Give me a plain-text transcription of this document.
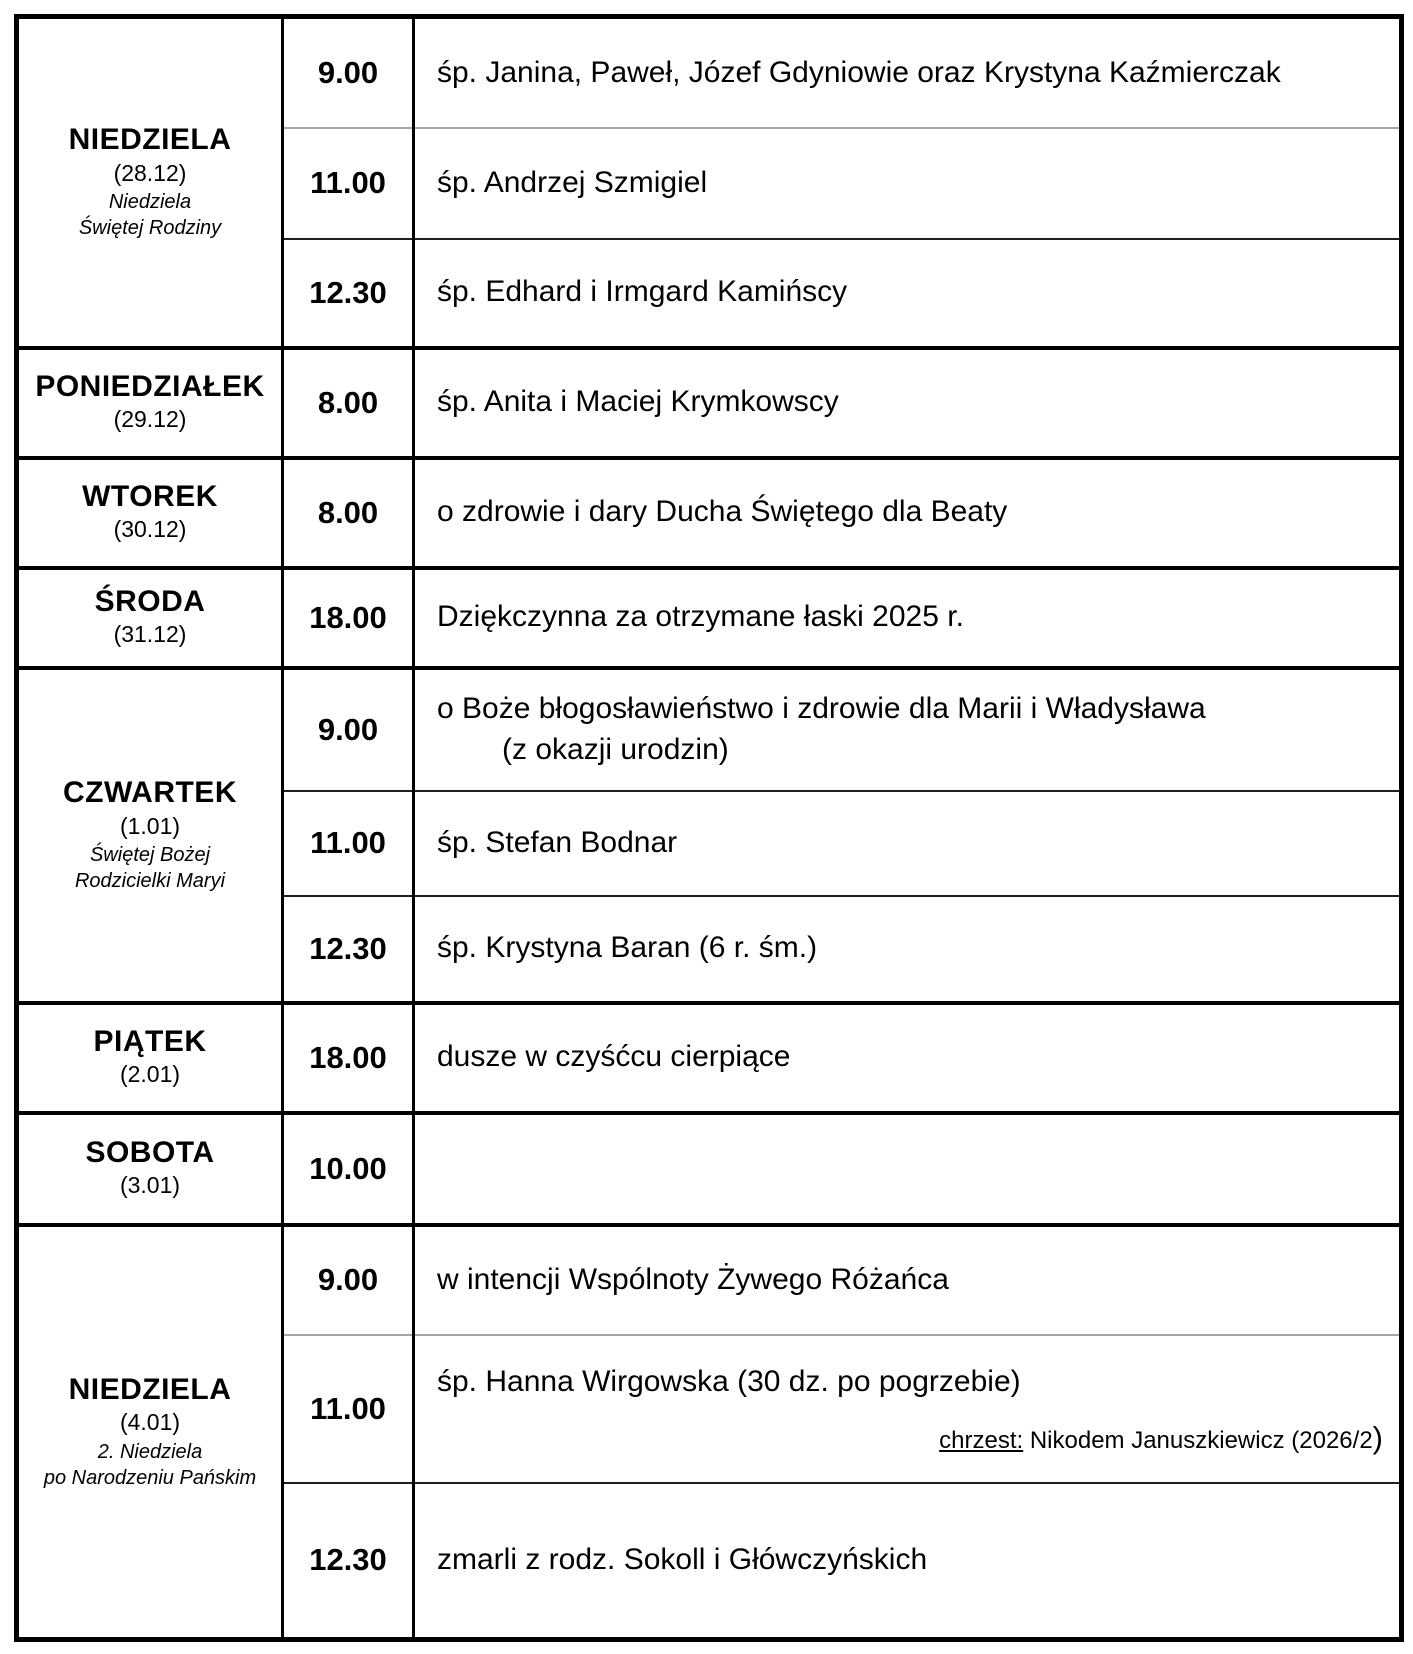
NIEDZIELA
(28.12)
Niedziela
Świętej Rodziny	9.00	śp. Janina, Paweł, Józef Gdyniowie oraz Krystyna Kaźmierczak
	11.00	śp. Andrzej Szmigiel
	12.30	śp. Edhard i Irmgard Kamińscy

PONIEDZIAŁEK
(29.12)	8.00	śp. Anita i Maciej Krymkowscy

WTOREK
(30.12)	8.00	o zdrowie i dary Ducha Świętego dla Beaty

ŚRODA
(31.12)	18.00	Dziękczynna za otrzymane łaski 2025 r.

CZWARTEK
(1.01)
Świętej Bożej
Rodzicielki Maryi
	9.00	
o Boże błogosławieństwo i zdrowie dla Marii i Władysława
(z okazji urodzin)

	11.00	śp. Stefan Bodnar
	12.30	śp. Krystyna Baran (6 r. śm.)

PIĄTEK
(2.01)	18.00	dusze w czyśćcu cierpiące

SOBOTA
(3.01)	10.00	

NIEDZIELA
(4.01)
2. Niedziela
po Narodzeniu Pańskim	9.00	w intencji Wspólnoty Żywego Różańca
	11.00	śp. Hanna Wirgowska (30 dz. po pogrzebie)
chrzest: Nikodem Januszkiewicz (2026/2)

	12.30	zmarli z rodz. Sokoll i Główczyńskich
